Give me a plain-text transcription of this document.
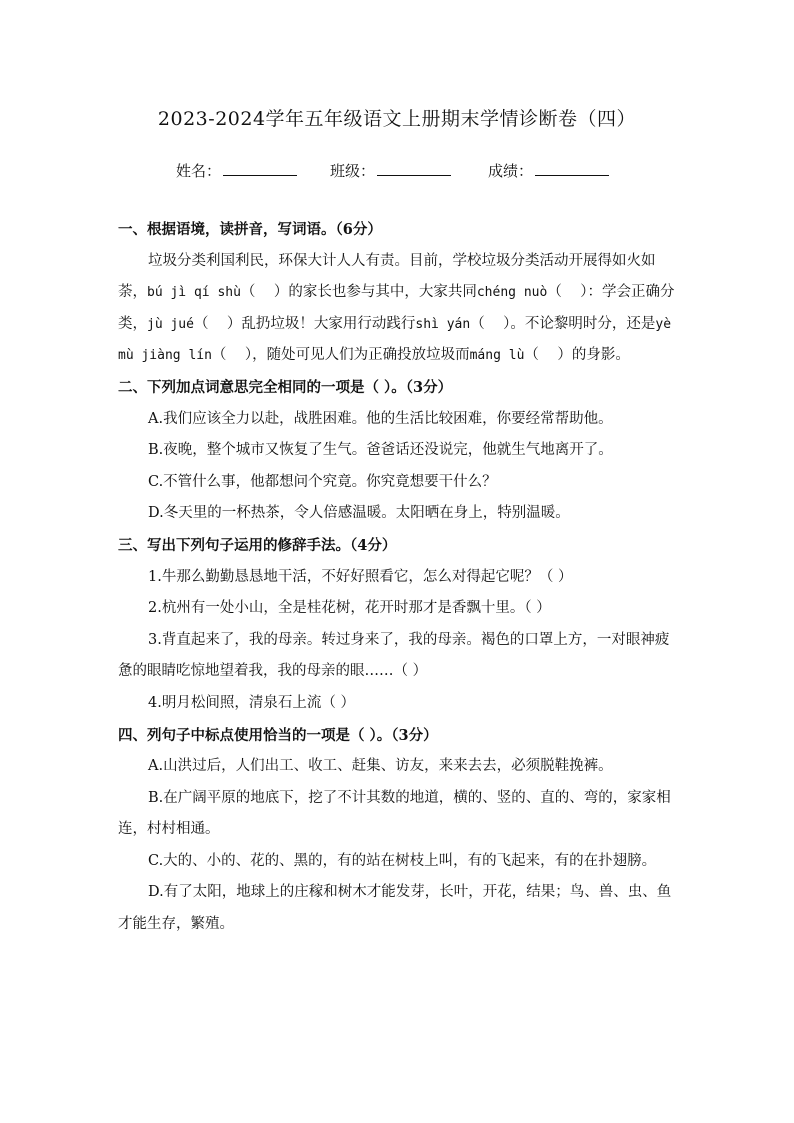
2023-2024学年五年级语文上册期末学情诊断卷（四）
姓名：	班级：	成绩：

一、根据语境，读拼音，写词语。（6分）

垃圾分类利国利民，环保大计人人有责。目前，学校垃圾分类活动开展得如火如荼，bú jì qí shù（    ）的家长也参与其中，大家共同chéng nuò（    ）：学会正确分类，jù jué（    ）乱扔垃圾！大家用行动践行shì yán（    ）。不论黎明时分，还是yè mù jiàng lín（    ），随处可见人们为正确投放垃圾而máng lù（    ）的身影。

二、下列加点词意思完全相同的一项是（ ）。（3分）

A.我们应该全力以赴，战胜困难。他的生活比较困难，你要经常帮助他。

B.夜晚，整个城市又恢复了生气。爸爸话还没说完，他就生气地离开了。

C.不管什么事，他都想问个究竟。你究竟想要干什么？

D.冬天里的一杯热茶，令人倍感温暖。太阳晒在身上，特别温暖。

三、写出下列句子运用的修辞手法。（4分）

1.牛那么勤勤恳恳地干活，不好好照看它，怎么对得起它呢？（ ）

2.杭州有一处小山，全是桂花树，花开时那才是香飘十里。（ ）

3.背直起来了，我的母亲。转过身来了，我的母亲。褐色的口罩上方，一对眼神疲惫的眼睛吃惊地望着我，我的母亲的眼……（ ）

4.明月松间照，清泉石上流（ ）

四、列句子中标点使用恰当的一项是（ ）。（3分）

A.山洪过后，人们出工、收工、赶集、访友，来来去去，必须脱鞋挽裤。

B.在广阔平原的地底下，挖了不计其数的地道，横的、竖的、直的、弯的，家家相连，村村相通。

C.大的、小的、花的、黑的，有的站在树枝上叫，有的飞起来，有的在扑翅膀。

D.有了太阳，地球上的庄稼和树木才能发芽，长叶，开花，结果；鸟、兽、虫、鱼才能生存，繁殖。
